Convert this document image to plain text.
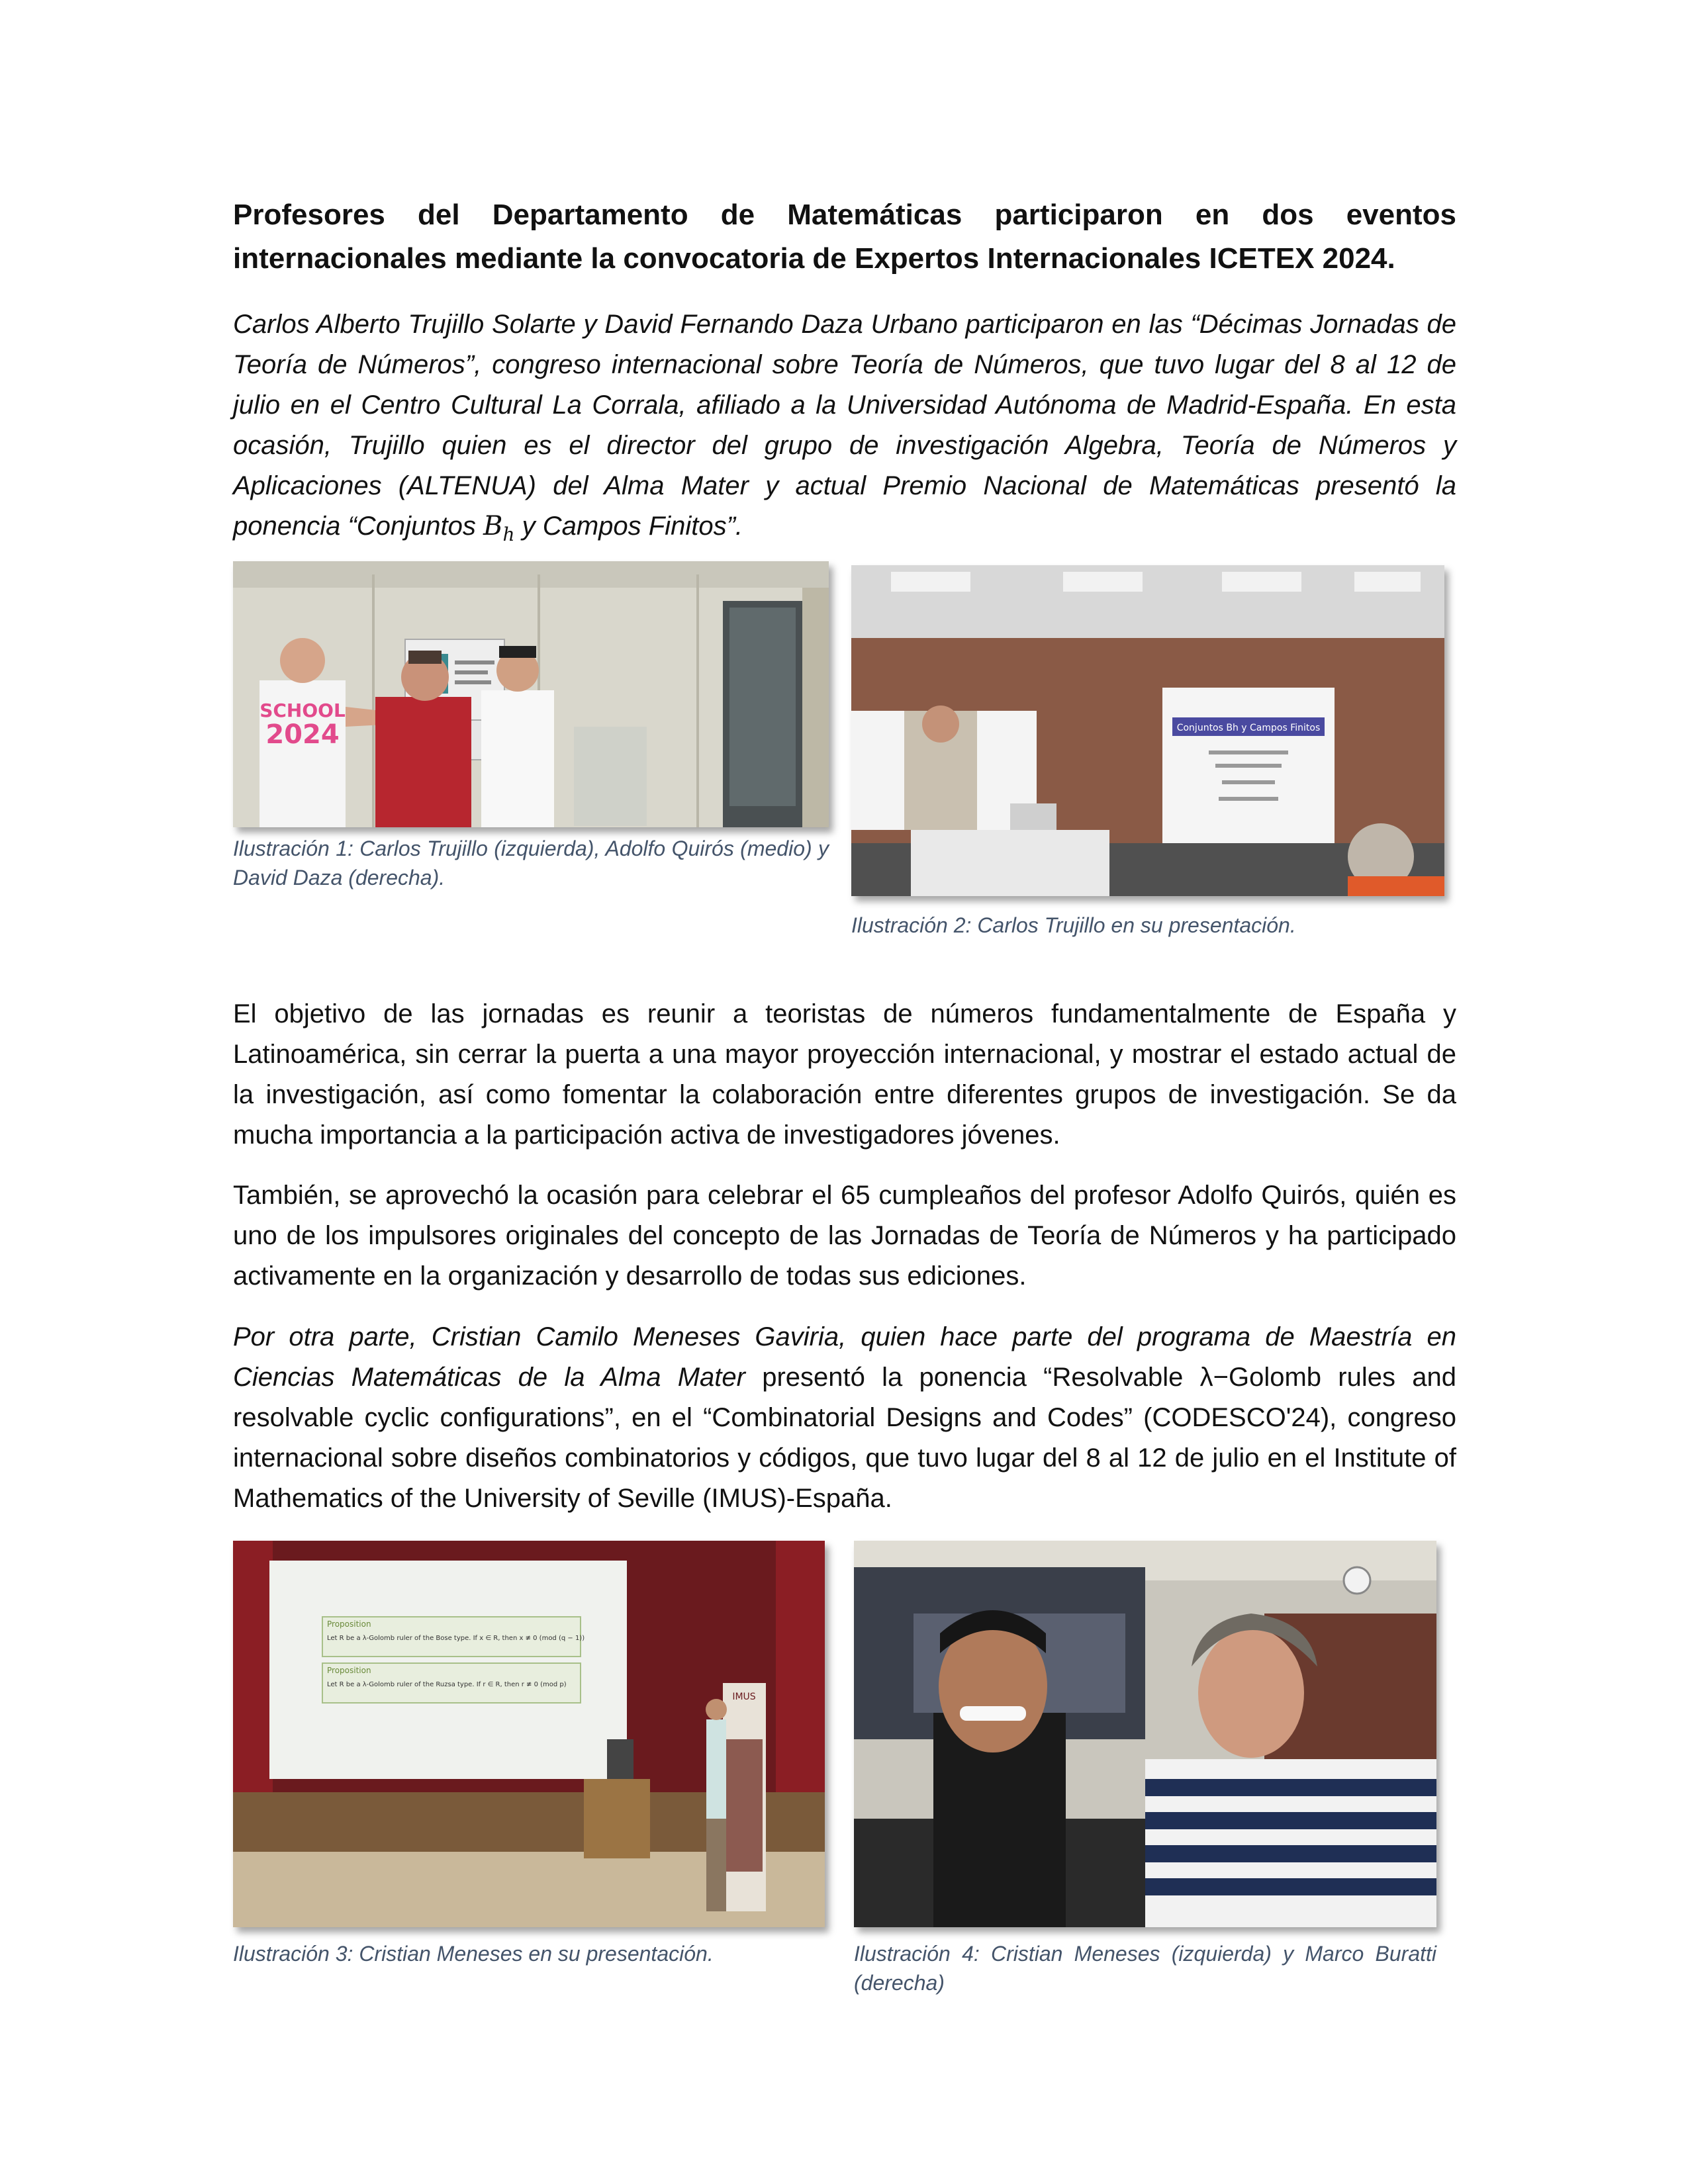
Profesores del Departamento de Matemáticas participaron en dos eventos internacionales mediante la convocatoria de Expertos Internacionales ICETEX 2024.

Carlos Alberto Trujillo Solarte y David Fernando Daza Urbano participaron en las “Décimas Jornadas de Teoría de Números”, congreso internacional sobre Teoría de Números, que tuvo lugar del 8 al 12 de julio en el Centro Cultural La Corrala, afiliado a la Universidad Autónoma de Madrid-España. En esta ocasión, Trujillo quien es el director del grupo de investigación Algebra, Teoría de Números y Aplicaciones (ALTENUA) del Alma Mater y actual Premio Nacional de Matemáticas presentó la ponencia “Conjuntos $B_h$ y Campos Finitos”.

SCHOOL
2024

Ilustración 1: Carlos Trujillo (izquierda), Adolfo Quirós (medio) y David Daza (derecha).

Conjuntos Bh y Campos Finitos

Ilustración 2: Carlos Trujillo en su presentación.

El objetivo de las jornadas es reunir a teoristas de números fundamentalmente de España y Latinoamérica, sin cerrar la puerta a una mayor proyección internacional, y mostrar el estado actual de la investigación, así como fomentar la colaboración entre diferentes grupos de investigación. Se da mucha importancia a la participación activa de investigadores jóvenes.

También, se aprovechó la ocasión para celebrar el 65 cumpleaños del profesor Adolfo Quirós, quién es uno de los impulsores originales del concepto de las Jornadas de Teoría de Números y ha participado activamente en la organización y desarrollo de todas sus ediciones.

Por otra parte, Cristian Camilo Meneses Gaviria, quien hace parte del programa de Maestría en Ciencias Matemáticas de la Alma Mater presentó la ponencia “Resolvable λ−Golomb rules and resolvable cyclic configurations”, en el “Combinatorial Designs and Codes” (CODESCO'24), congreso internacional sobre diseños combinatorios y códigos, que tuvo lugar del 8 al 12 de julio en el Institute of Mathematics of the University of Seville (IMUS)-España.

Proposition
Let R be a λ-Golomb ruler of the Bose type. If x ∈ R, then x ≢ 0 (mod (q − 1))
Proposition
Let R be a λ-Golomb ruler of the Ruzsa type. If r ∈ R, then r ≢ 0 (mod p)
IMUS

Ilustración 3: Cristian Meneses en su presentación.	Ilustración 4: Cristian Meneses (izquierda) y Marco Buratti (derecha)
